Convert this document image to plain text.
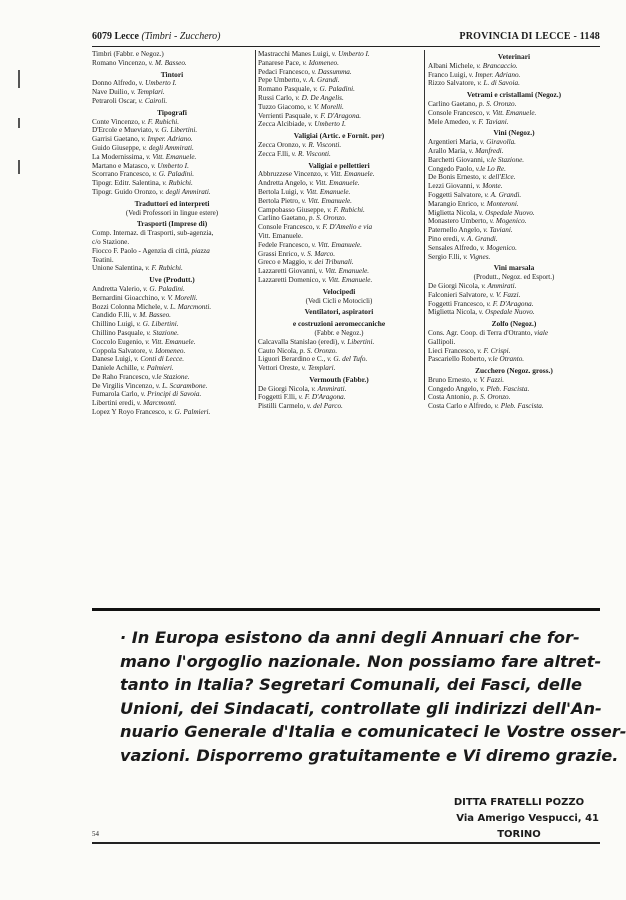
6079 Lecce (Timbri - Zucchero)	PROVINCIA DI LECCE - 1148
Timbri (Fabbr. e Negoz.)
Romano Vincenzo, v. M. Basseo.
Tintori
Donno Alfredo, v. Umberto I.
Nave Duilio, v. Templari.
Petraroli Oscar, v. Cairoli.
Tipografi
Conte Vincenzo, v. F. Rubichi.
D'Ercole e Mueviato, v. G. Libertini.
Garrisi Gaetano, v. Imper. Adriano.
Guido Giuseppe, v. degli Ammirati.
La Modernissima, v. Vitt. Emanuele.
Martano e Matasco, v. Umberto I.
Scorrano Francesco, v. G. Paladini.
Tipogr. Editr. Salentina, v. Rubichi.
Tipogr. Guido Oronzo, v. degli Ammirati.
Traduttori ed interpreti
(Vedi Professori in lingue estere)
Trasporti (Imprese di)
Comp. Internaz. di Trasporti, sub-agenzia,
c/o Stazione.
Fiocco F. Paolo - Agenzia di città, piazza
Teatini.
Unione Salentina, v. F. Rubichi.
Uve (Produtt.)
Andretta Valerio, v. G. Paladini.
Bernardini Gioacchino, v. V. Morelli.
Bozzi Colonna Michele, v. L. Marcmonti.
Candido F.lli, v. M. Basseo.
Chillino Luigi, v. G. Libertini.
Chillino Pasquale, v. Stazione.
Coccolo Eugenio, v. Vitt. Emanuele.
Coppola Salvatore, v. Idomeneo.
Danese Luigi, v. Conti di Lecce.
Daniele Achille, v. Palmieri.
De Raho Francesco, v.le Stazione.
De Virgilis Vincenzo, v. L. Scarambone.
Fumarola Carlo, v. Principi di Savoia.
Libertini eredi, v. Marcmonti.
Lopez Y Royo Francesco, v. G. Palmieri.
Mastracchi Manes Luigi, v. Umberto I.
Panarese Pace, v. Idomeneo.
Pedaci Francesco, v. Dassumma.
Pepe Umberto, v. A. Grandi.
Romano Pasquale, v. G. Paladini.
Russi Carlo, v. D. De Angelis.
Tuzzo Giacomo, v. V. Morelli.
Verrienti Pasquale, v. F. D'Aragona.
Zecca Alcibiade, v. Umberto I.
Valigiai (Artic. e Fornit. per)
Zecca Oronzo, v. R. Visconti.
Zecca F.lli, v. R. Visconti.
Valigiai e pellettieri
Abbruzzese Vincenzo, v. Vitt. Emanuele.
Andretta Angelo, v. Vitt. Emanuele.
Bertola Luigi, v. Vitt. Emanuele.
Bertola Pietro, v. Vitt. Emanuele.
Campobasso Giuseppe, v. F. Rubichi.
Carlino Gaetano, p. S. Oronzo.
Console Francesco, v. F. D'Amelio e via
Vitt. Emanuele.
Fedele Francesco, v. Vitt. Emanuele.
Grassi Enrico, v. S. Marco.
Greco e Maggio, v. dei Tribunali.
Lazzaretti Giovanni, v. Vitt. Emanuele.
Lazzaretti Domenico, v. Vitt. Emanuele.
Velocipedi
(Vedi Cicli e Motocicli)
Ventilatori, aspiratori
e costruzioni aeromeccaniche
(Fabbr. e Negoz.)
Calcavalla Stanislao (eredi), v. Libertini.
Cauto Nicola, p. S. Oronzo.
Liguori Berardino e C., v. G. del Tufo.
Vettori Oreste, v. Templari.
Vermouth (Fabbr.)
De Giorgi Nicola, v. Ammirati.
Foggetti F.lli, v. F. D'Aragona.
Pistilli Carmelo, v. del Parco.
Veterinari
Albani Michele, v. Brancaccio.
Franco Luigi, v. Imper. Adriano.
Rizzo Salvatore, v. L. di Savoia.
Vetrami e cristallami (Negoz.)
Carlino Gaetano, p. S. Oronzo.
Console Francesco, v. Vitt. Emanuele.
Mele Amedeo, v. F. Taviani.
Vini (Negoz.)
Argentieri Maria, v. Giravolla.
Arallo Maria, v. Manfredi.
Barchetti Giovanni, v.le Stazione.
Congedo Paolo, v.le Lo Re.
De Bonis Ernesto, v. dell'Elce.
Lezzi Giovanni, v. Monte.
Foggetti Salvatore, v. A. Grandi.
Marangio Enrico, v. Monteroni.
Miglietta Nicola, v. Ospedale Nuovo.
Monastero Umberto, v. Mogenico.
Paternello Angelo, v. Taviani.
Pino eredi, v. A. Grandi.
Sensales Alfredo, v. Mogenico.
Sergio F.lli, v. Vignes.
Vini marsala
(Produtt., Negoz. ed Esport.)
De Giorgi Nicola, v. Ammirati.
Falconieri Salvatore, v. V. Fazzi.
Foggetti Francesco, v. F. D'Aragona.
Miglietta Nicola, v. Ospedale Nuovo.
Zolfo (Negoz.)
Cons. Agr. Coop. di Terra d'Otranto, viale
Gallipoli.
Lieci Francesco, v. F. Crispi.
Pascariello Roberto, v.le Otranto.
Zucchero (Negoz. gross.)
Bruno Ernesto, v. V. Fazzi.
Congedo Angelo, v. Pleb. Fascista.
Costa Antonio, p. S. Oronzo.
Costa Carlo e Alfredo, v. Pleb. Fascista.

· In Europa esistono da anni degli Annuari che for-

mano l'orgoglio nazionale. Non possiamo fare altret-

tanto in Italia? Segretari Comunali, dei Fasci, delle

Unioni, dei Sindacati, controllate gli indirizzi dell'An-

nuario Generale d'Italia e comunicateci le Vostre osser-

vazioni. Disporremo gratuitamente e Vi diremo grazie.

DITTA FRATELLI POZZO
Via Amerigo Vespucci, 41
TORINO
54
